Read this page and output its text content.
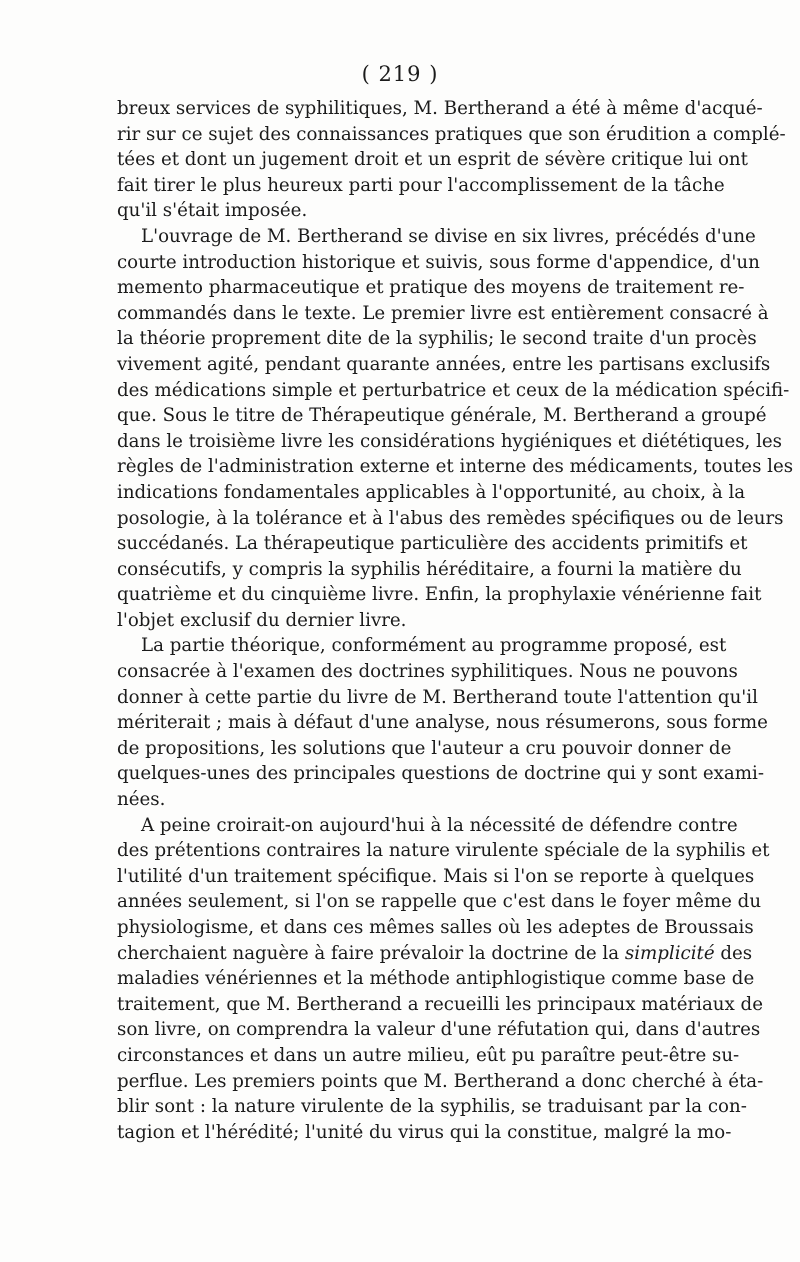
( 219 )
breux services de syphilitiques, M. Bertherand a été à même d'acqué-
rir sur ce sujet des connaissances pratiques que son érudition a complé-
tées et dont un jugement droit et un esprit de sévère critique lui ont
fait tirer le plus heureux parti pour l'accomplissement de la tâche
qu'il s'était imposée.
L'ouvrage de M. Bertherand se divise en six livres, précédés d'une
courte introduction historique et suivis, sous forme d'appendice, d'un
memento pharmaceutique et pratique des moyens de traitement re-
commandés dans le texte. Le premier livre est entièrement consacré à
la théorie proprement dite de la syphilis; le second traite d'un procès
vivement agité, pendant quarante années, entre les partisans exclusifs
des médications simple et perturbatrice et ceux de la médication spécifi-
que. Sous le titre de Thérapeutique générale, M. Bertherand a groupé
dans le troisième livre les considérations hygiéniques et diététiques, les
règles de l'administration externe et interne des médicaments, toutes les
indications fondamentales applicables à l'opportunité, au choix, à la
posologie, à la tolérance et à l'abus des remèdes spécifiques ou de leurs
succédanés. La thérapeutique particulière des accidents primitifs et
consécutifs, y compris la syphilis héréditaire, a fourni la matière du
quatrième et du cinquième livre. Enfin, la prophylaxie vénérienne fait
l'objet exclusif du dernier livre.
La partie théorique, conformément au programme proposé, est
consacrée à l'examen des doctrines syphilitiques. Nous ne pouvons
donner à cette partie du livre de M. Bertherand toute l'attention qu'il
mériterait ; mais à défaut d'une analyse, nous résumerons, sous forme
de propositions, les solutions que l'auteur a cru pouvoir donner de
quelques-unes des principales questions de doctrine qui y sont exami-
nées.
A peine croirait-on aujourd'hui à la nécessité de défendre contre
des prétentions contraires la nature virulente spéciale de la syphilis et
l'utilité d'un traitement spécifique. Mais si l'on se reporte à quelques
années seulement, si l'on se rappelle que c'est dans le foyer même du
physiologisme, et dans ces mêmes salles où les adeptes de Broussais
cherchaient naguère à faire prévaloir la doctrine de la simplicité des
maladies vénériennes et la méthode antiphlogistique comme base de
traitement, que M. Bertherand a recueilli les principaux matériaux de
son livre, on comprendra la valeur d'une réfutation qui, dans d'autres
circonstances et dans un autre milieu, eût pu paraître peut-être su-
perflue. Les premiers points que M. Bertherand a donc cherché à éta-
blir sont : la nature virulente de la syphilis, se traduisant par la con-
tagion et l'hérédité; l'unité du virus qui la constitue, malgré la mo-
